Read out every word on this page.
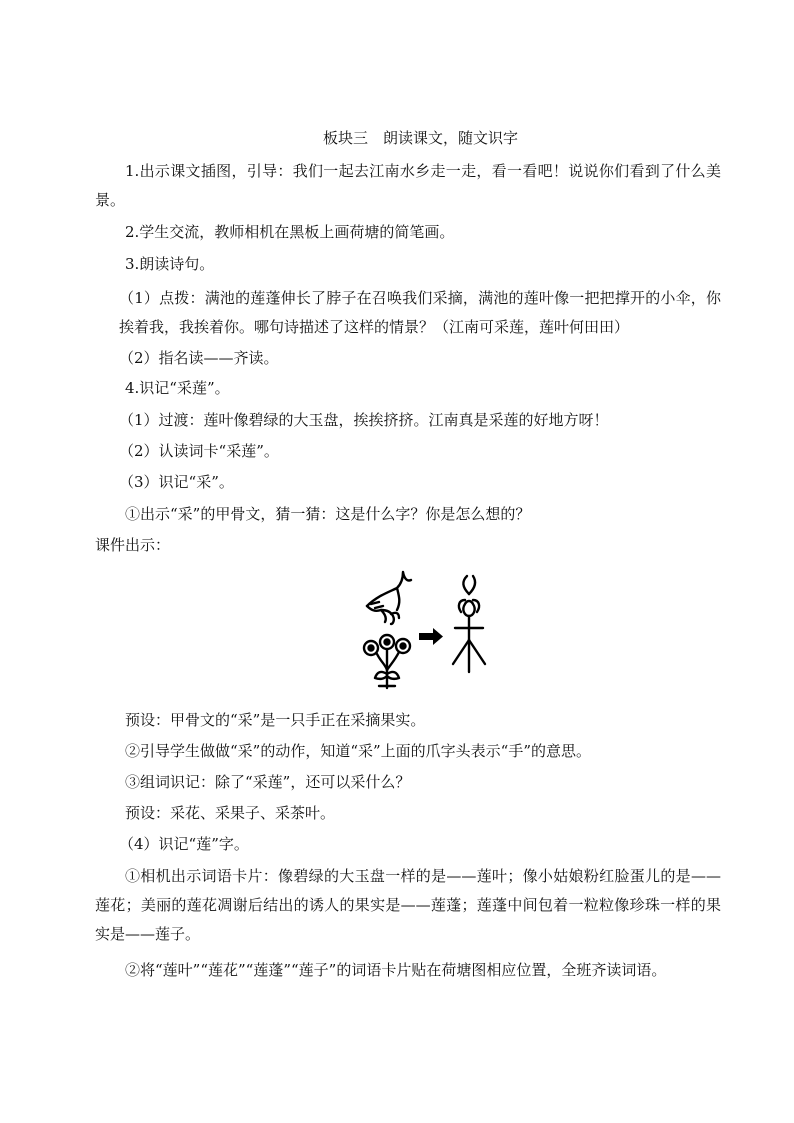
板块三　朗读课文，随文识字

1.出示课文插图，引导：我们一起去江南水乡走一走，看一看吧！说说你们看到了什么美景。

2.学生交流，教师相机在黑板上画荷塘的简笔画。

3.朗读诗句。

（1）点拨：满池的莲蓬伸长了脖子在召唤我们采摘，满池的莲叶像一把把撑开的小伞，你挨着我，我挨着你。哪句诗描述了这样的情景？（江南可采莲，莲叶何田田）

（2）指名读——齐读。

4.识记“采莲”。

（1）过渡：莲叶像碧绿的大玉盘，挨挨挤挤。江南真是采莲的好地方呀！

（2）认读词卡“采莲”。

（3）识记“采”。

①出示“采”的甲骨文，猜一猜：这是什么字？你是怎么想的？

课件出示：

预设：甲骨文的“采”是一只手正在采摘果实。

②引导学生做做“采”的动作，知道“采”上面的爪字头表示“手”的意思。

③组词识记：除了“采莲”，还可以采什么？

预设：采花、采果子、采茶叶。

（4）识记“莲”字。

①相机出示词语卡片：像碧绿的大玉盘一样的是——莲叶；像小姑娘粉红脸蛋儿的是——莲花；美丽的莲花凋谢后结出的诱人的果实是——莲蓬；莲蓬中间包着一粒粒像珍珠一样的果实是——莲子。

②将“莲叶”“莲花”“莲蓬”“莲子”的词语卡片贴在荷塘图相应位置，全班齐读词语。
